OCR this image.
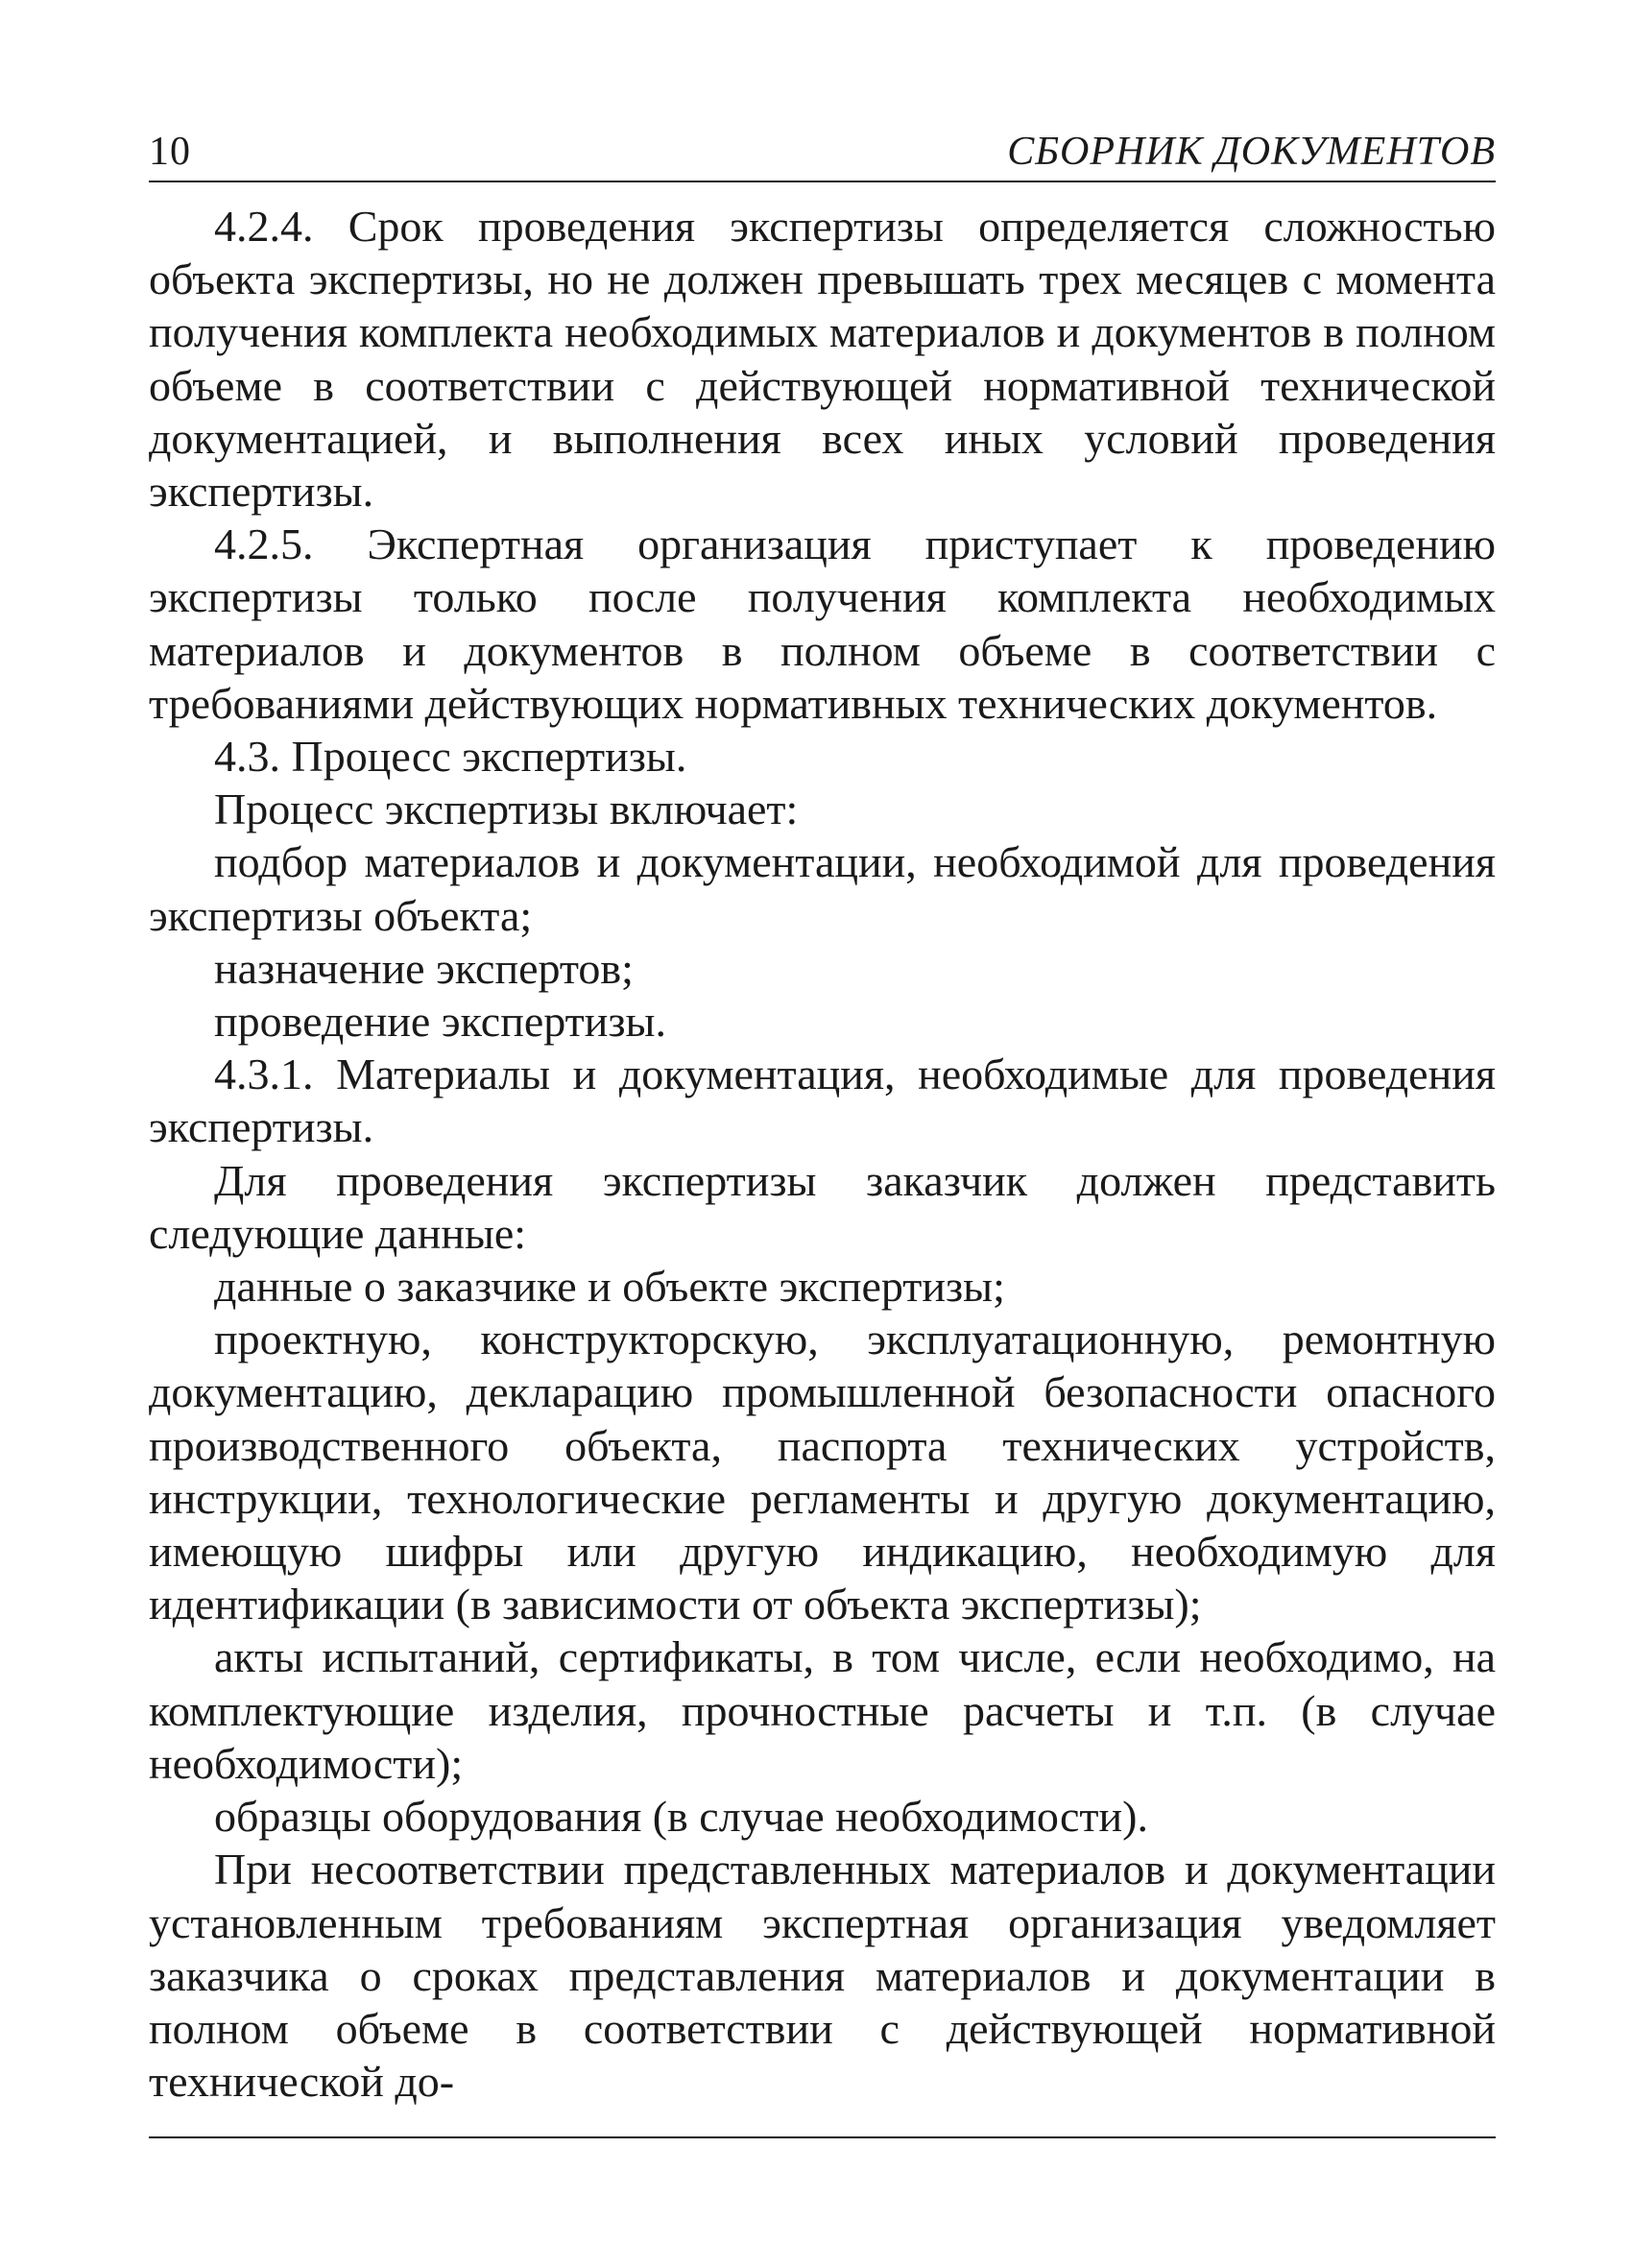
10	СБОРНИК ДОКУМЕНТОВ

4.2.4. Срок проведения экспертизы определяется сложностью объекта экспертизы, но не должен превышать трех месяцев с момента получения комплекта необходимых материалов и документов в полном объеме в соответствии с действующей нормативной технической документацией, и выполнения всех иных условий проведения экспертизы.

4.2.5. Экспертная организация приступает к проведению экспертизы только после получения комплекта необходимых материалов и документов в полном объеме в соответствии с требованиями действующих нормативных технических документов.

4.3. Процесс экспертизы.

Процесс экспертизы включает:

подбор материалов и документации, необходимой для проведения экспертизы объекта;

назначение экспертов;

проведение экспертизы.

4.3.1. Материалы и документация, необходимые для проведения экспертизы.

Для проведения экспертизы заказчик должен представить следующие данные:

данные о заказчике и объекте экспертизы;

проектную, конструкторскую, эксплуатационную, ремонтную документацию, декларацию промышленной безопасности опасного производственного объекта, паспорта технических устройств, инструкции, технологические регламенты и другую документацию, имеющую шифры или другую индикацию, необходимую для идентификации (в зависимости от объекта экспертизы);

акты испытаний, сертификаты, в том числе, если необходимо, на комплектующие изделия, прочностные расчеты и т.п. (в случае необходимости);

образцы оборудования (в случае необходимости).

При несоответствии представленных материалов и документации установленным требованиям экспертная организация уведомляет заказчика о сроках представления материалов и документации в полном объеме в соответствии с действующей нормативной технической до-
